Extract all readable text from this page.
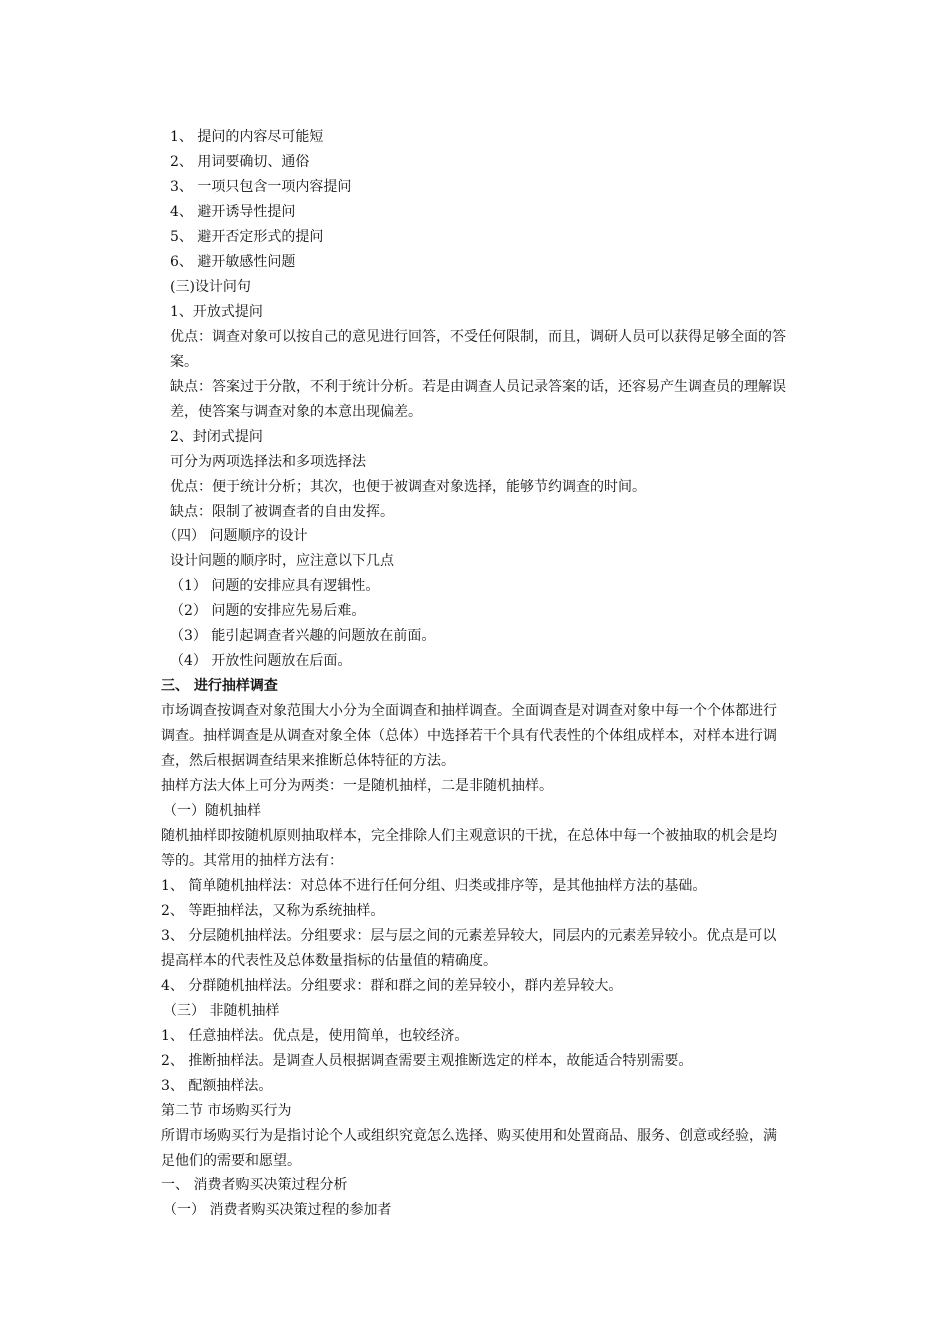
1、 提问的内容尽可能短
2、 用词要确切、通俗
3、 一项只包含一项内容提问
4、 避开诱导性提问
5、 避开否定形式的提问
6、 避开敏感性问题
(三)设计问句
1、开放式提问
优点：调查对象可以按自己的意见进行回答，不受任何限制，而且，调研人员可以获得足够全面的答
案。
缺点：答案过于分散，不利于统计分析。若是由调查人员记录答案的话，还容易产生调查员的理解误
差，使答案与调查对象的本意出现偏差。
2、封闭式提问
可分为两项选择法和多项选择法
优点：便于统计分析；其次，也便于被调查对象选择，能够节约调查的时间。
缺点：限制了被调查者的自由发挥。
（四） 问题顺序的设计
设计问题的顺序时，应注意以下几点
（1） 问题的安排应具有逻辑性。
（2） 问题的安排应先易后难。
（3） 能引起调查者兴趣的问题放在前面。
（4） 开放性问题放在后面。
三、 进行抽样调查
市场调查按调查对象范围大小分为全面调查和抽样调查。全面调查是对调查对象中每一个个体都进行
调查。抽样调查是从调查对象全体（总体）中选择若干个具有代表性的个体组成样本，对样本进行调
查，然后根据调查结果来推断总体特征的方法。
抽样方法大体上可分为两类：一是随机抽样，二是非随机抽样。
（一）随机抽样
随机抽样即按随机原则抽取样本，完全排除人们主观意识的干扰，在总体中每一个被抽取的机会是均
等的。其常用的抽样方法有：
1、 简单随机抽样法：对总体不进行任何分组、归类或排序等，是其他抽样方法的基础。
2、 等距抽样法，又称为系统抽样。
3、 分层随机抽样法。分组要求：层与层之间的元素差异较大，同层内的元素差异较小。优点是可以
提高样本的代表性及总体数量指标的估量值的精确度。
4、 分群随机抽样法。分组要求：群和群之间的差异较小，群内差异较大。
（三） 非随机抽样
1、 任意抽样法。优点是，使用简单，也较经济。
2、 推断抽样法。是调查人员根据调查需要主观推断选定的样本，故能适合特别需要。
3、 配额抽样法。
第二节 市场购买行为
所谓市场购买行为是指讨论个人或组织究竟怎么选择、购买使用和处置商品、服务、创意或经验，满
足他们的需要和愿望。
一、 消费者购买决策过程分析
（一） 消费者购买决策过程的参加者
